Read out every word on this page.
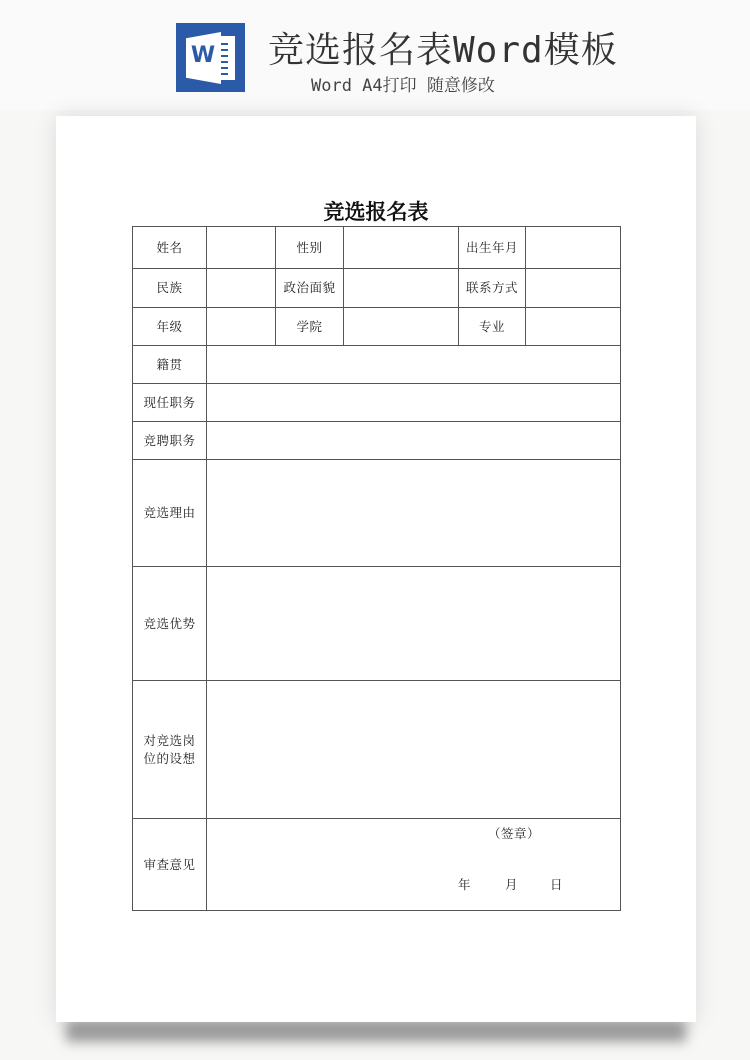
W 竞选报名表Word模板
Word A4打印 随意修改
竞选报名表
姓名		性别		出生年月	
民族		政治面貌		联系方式	
年级		学院		专业	
籍贯					
现任职务					
竞聘职务					
竞选理由					
竞选优势					

对竞选岗
位的设想					

审查意见	（签章）
年 月 日				
